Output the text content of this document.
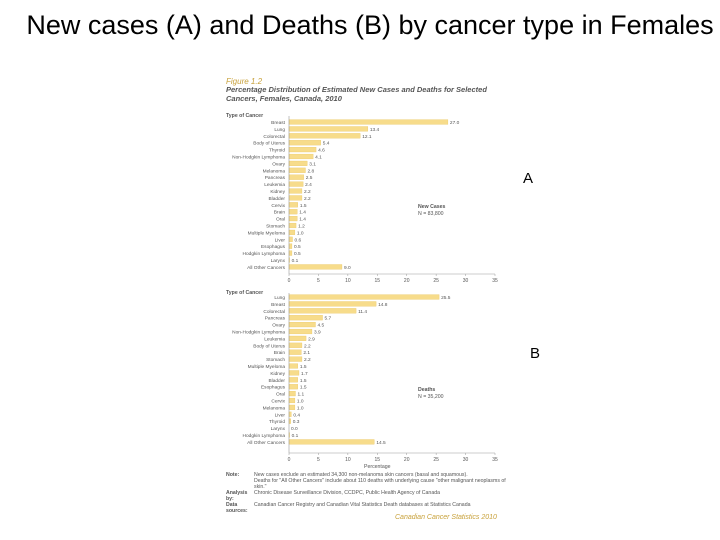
New cases (A) and Deaths (B) by cancer type in Females
Figure 1.2
Percentage Distribution of Estimated New Cases and Deaths for Selected Cancers, Females, Canada, 2010
Type of Cancer
Breast	27.0
Lung	13.4
Colorectal	12.1
Body of Uterus	5.4
Thyroid	4.6
Non-Hodgkin Lymphoma	4.1
Ovary	3.1
Melanoma	2.8
Pancreas	2.5
Leukemia	2.4
Kidney	2.2
Bladder	2.2
Cervix	1.5
Brain	1.4
Oral	1.4
Stomach	1.2
Multiple Myeloma 1.0
Liver 0.6
Esophagus 0.5
Hodgkin Lymphoma 0.5
Larynx 0.1
All Other Cancers	9.0
0	5	10	15	20	25	30	35
New Cases
N = 83,800
Type of Cancer
Lung	25.5
Breast	14.8
Colorectal	11.4
Pancreas	5.7
Ovary	4.5
Non-Hodgkin Lymphoma	3.9
Leukemia	2.9
Body of Uterus	2.2
Brain	2.1
Stomach	2.2
Multiple Myeloma	1.5
Kidney	1.7
Bladder	1.5
Esophagus	1.5
Oral	1.1
Cervix 1.0
Melanoma 1.0
Liver 0.4
Thyroid 0.3
Larynx 0.0
Hodgkin Lymphoma 0.1
All Other Cancers	14.5
0	5	10	15	20	25	30	35
Deaths
N = 35,200
Percentage
A
B
Note:	New cases exclude an estimated 34,300 non-melanoma skin cancers (basal and squamous).
Deaths for "All Other Cancers" include about 110 deaths with underlying cause "other malignant neoplasms of skin."
Analysis by:
Chronic Disease Surveillance Division, CCDPC, Public Health Agency of Canada
Data sources:
Canadian Cancer Registry and Canadian Vital Statistics Death databases at Statistics Canada
Canadian Cancer Statistics 2010
